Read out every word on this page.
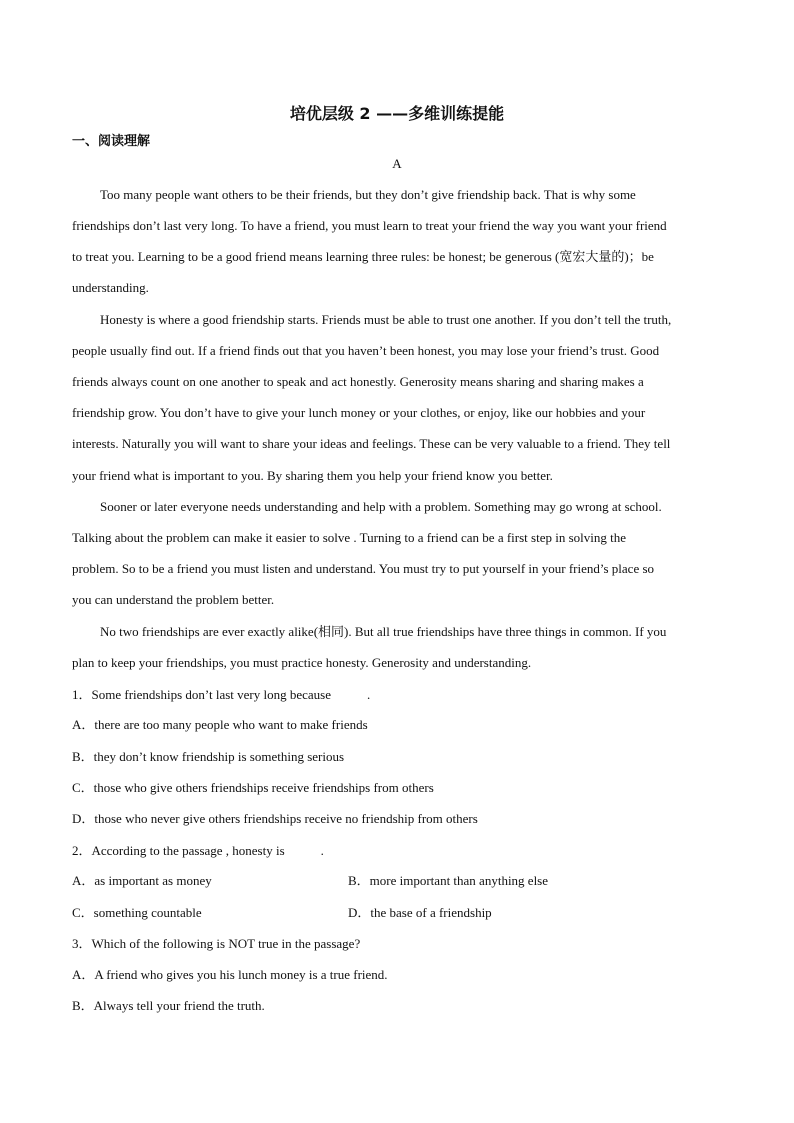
培优层级 2 ——多维训练提能
一、阅读理解
A
Too many people want others to be their friends, but they don’t give friendship back. That is why some
friendships don’t last very long. To have a friend, you must learn to treat your friend the way you want your friend
to treat you. Learning to be a good friend means learning three rules: be honest; be generous (宽宏大量的)；be
understanding.
Honesty is where a good friendship starts. Friends must be able to trust one another. If you don’t tell the truth,
people usually find out. If a friend finds out that you haven’t been honest, you may lose your friend’s trust. Good
friends always count on one another to speak and act honestly. Generosity means sharing and sharing makes a
friendship grow. You don’t have to give your lunch money or your clothes, or enjoy, like our hobbies and your
interests. Naturally you will want to share your ideas and feelings. These can be very valuable to a friend. They tell
your friend what is important to you. By sharing them you help your friend know you better.
Sooner or later everyone needs understanding and help with a problem. Something may go wrong at school.
Talking about the problem can make it easier to solve . Turning to a friend can be a first step in solving the
problem. So to be a friend you must listen and understand. You must try to put yourself in your friend’s place so
you can understand the problem better.
No two friendships are ever exactly alike(相同). But all true friendships have three things in common. If you
plan to keep your friendships, you must practice honesty. Generosity and understanding.
1．Some friendships don’t last very long because	.
A．there are too many people who want to make friends
B．they don’t know friendship is something serious
C．those who give others friendships receive friendships from others
D．those who never give others friendships receive no friendship from others
2．According to the passage , honesty is	.
A．as important as money	B．more important than anything else
C．something countable	D．the base of a friendship
3．Which of the following is NOT true in the passage?
A．A friend who gives you his lunch money is a true friend.
B．Always tell your friend the truth.
